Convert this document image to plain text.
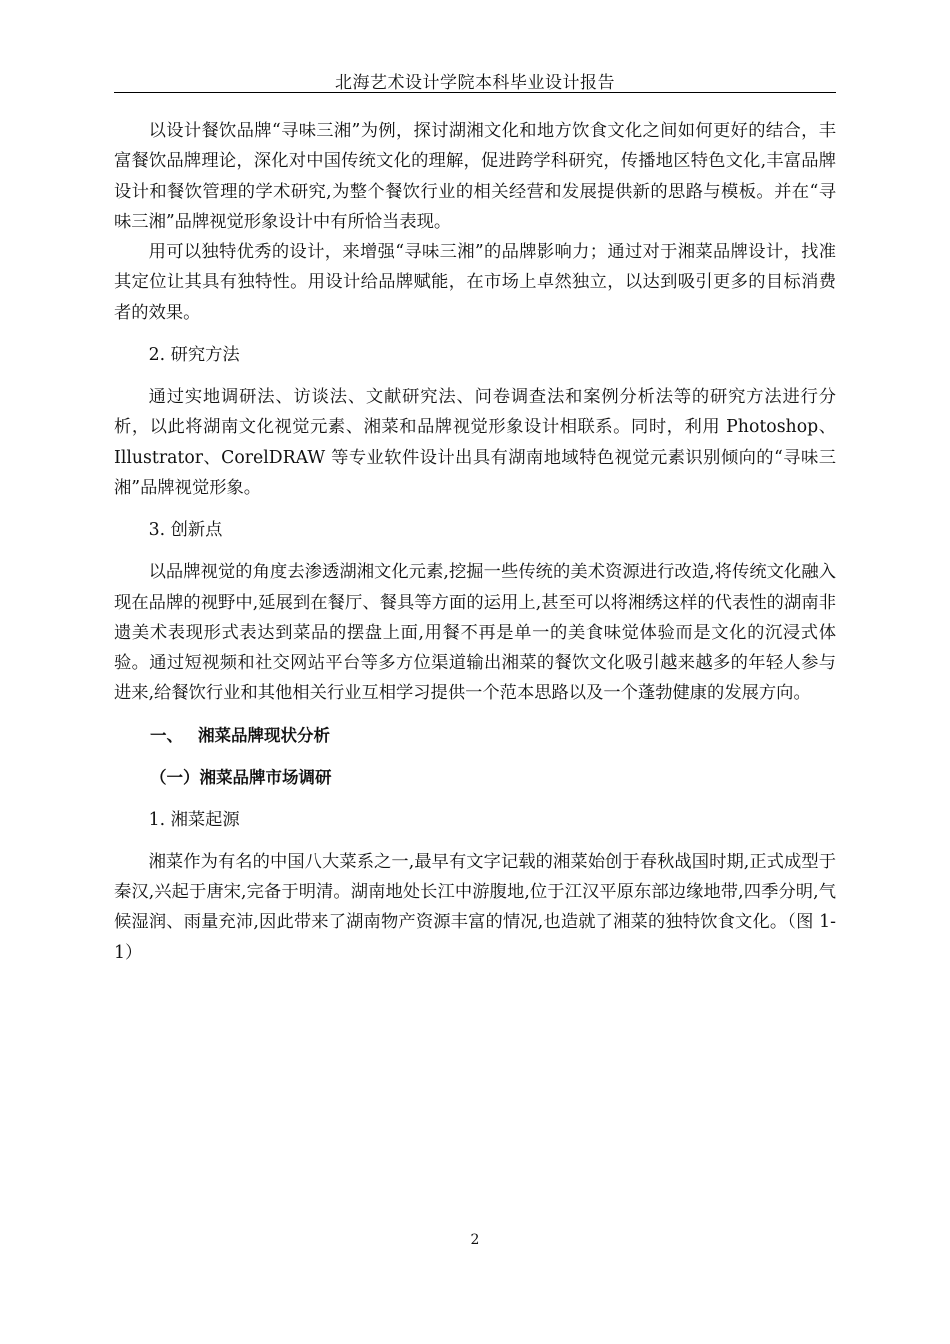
北海艺术设计学院本科毕业设计报告

以设计餐饮品牌“寻味三湘”为例，探讨湖湘文化和地方饮食文化之间如何更好的结合，丰富餐饮品牌理论，深化对中国传统文化的理解，促进跨学科研究，传播地区特色文化,丰富品牌设计和餐饮管理的学术研究,为整个餐饮行业的相关经营和发展提供新的思路与模板。并在“寻味三湘”品牌视觉形象设计中有所恰当表现。

用可以独特优秀的设计，来增强“寻味三湘”的品牌影响力；通过对于湘菜品牌设计，找准其定位让其具有独特性。用设计给品牌赋能，在市场上卓然独立，以达到吸引更多的目标消费者的效果。

2. 研究方法

通过实地调研法、访谈法、文献研究法、问卷调查法和案例分析法等的研究方法进行分析，以此将湖南文化视觉元素、湘菜和品牌视觉形象设计相联系。同时，利用 Photoshop、Illustrator、CorelDRAW 等专业软件设计出具有湖南地域特色视觉元素识别倾向的“寻味三湘”品牌视觉形象。

3. 创新点

以品牌视觉的角度去渗透湖湘文化元素,挖掘一些传统的美术资源进行改造,将传统文化融入现在品牌的视野中,延展到在餐厅、餐具等方面的运用上,甚至可以将湘绣这样的代表性的湖南非遗美术表现形式表达到菜品的摆盘上面,用餐不再是单一的美食味觉体验而是文化的沉浸式体验。通过短视频和社交网站平台等多方位渠道输出湘菜的餐饮文化吸引越来越多的年轻人参与进来,给餐饮行业和其他相关行业互相学习提供一个范本思路以及一个蓬勃健康的发展方向。

一、 湘菜品牌现状分析

（一）湘菜品牌市场调研

1. 湘菜起源

湘菜作为有名的中国八大菜系之一,最早有文字记载的湘菜始创于春秋战国时期,正式成型于秦汉,兴起于唐宋,完备于明清。湖南地处长江中游腹地,位于江汉平原东部边缘地带,四季分明,气候湿润、雨量充沛,因此带来了湖南物产资源丰富的情况,也造就了湘菜的独特饮食文化。（图 1-1）

2
